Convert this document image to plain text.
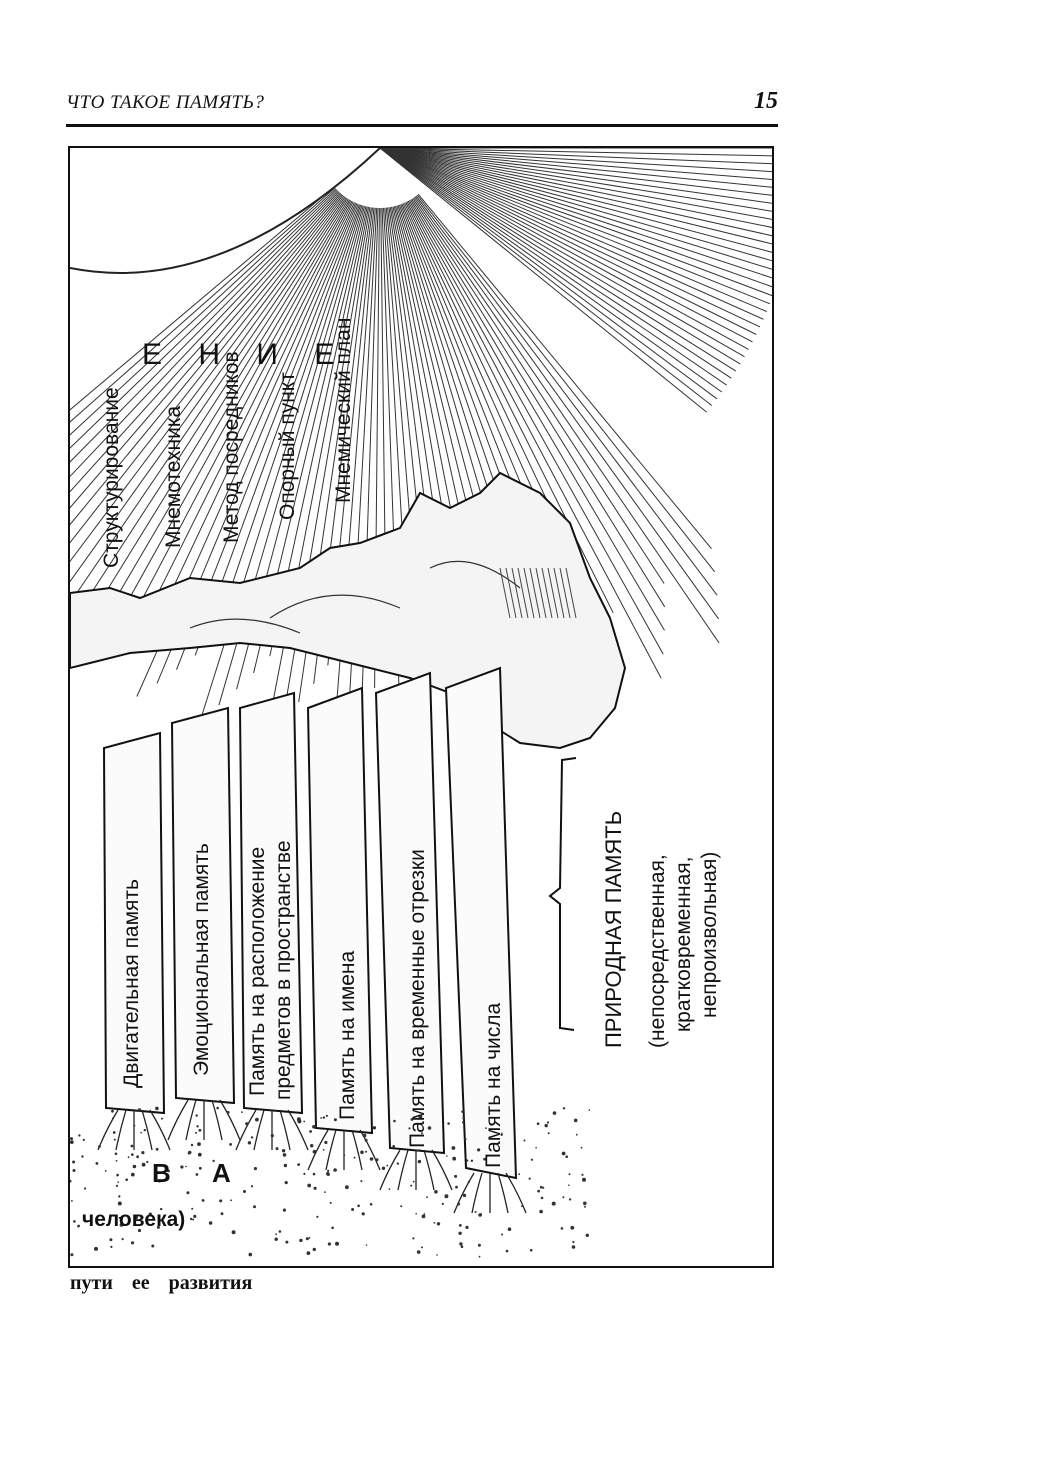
ЧТО ТАКОЕ ПАМЯТЬ?	15
Е Н И Е
Структурирование Мнемотехника Метод посредников Опорный пункт Мнемический план
Двигательная память Эмоциональная память Память на расположение предметов в пространстве Память на имена Память на временные отрезки	Память на числа
ПРИРОДНАЯ ПАМЯТЬ (непосредственная, кратковременная, непроизвольная)
В А
человека)
пути ее развития
